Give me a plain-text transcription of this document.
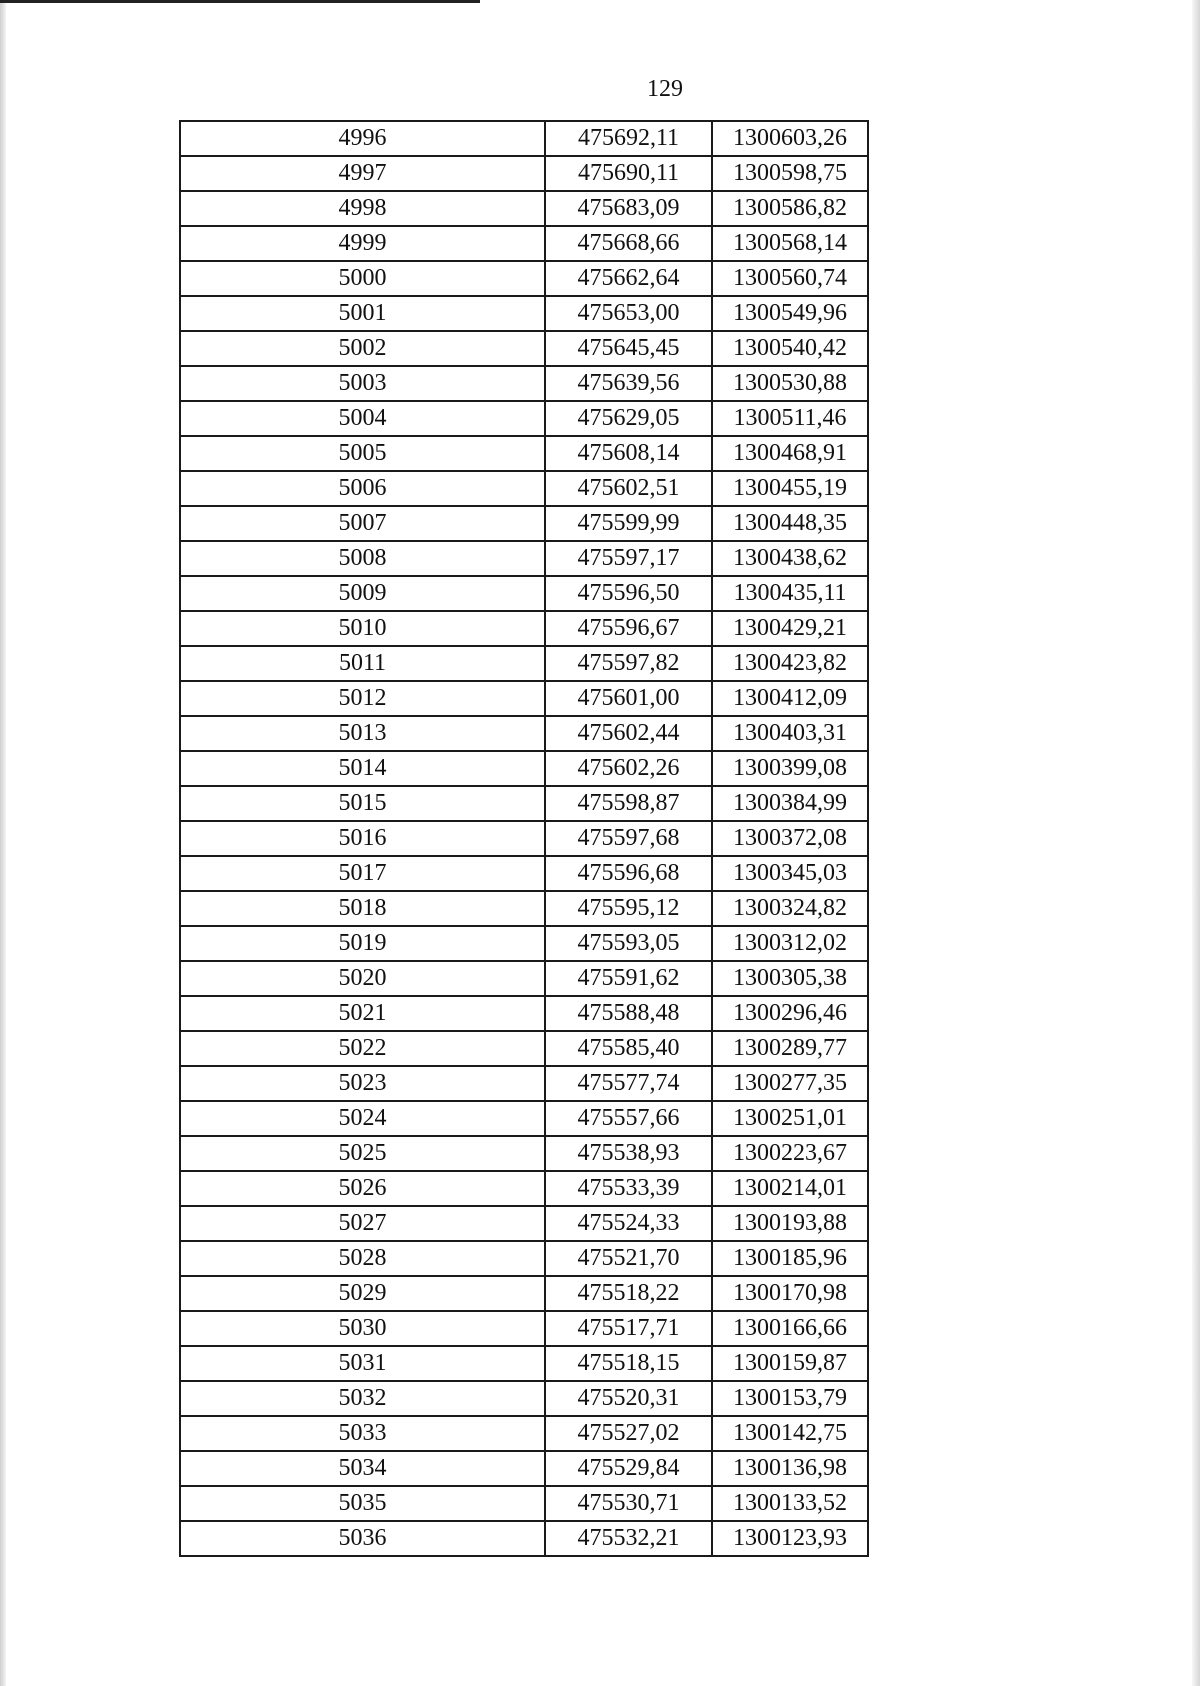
129
4996	475692,11	1300603,26
4997	475690,11	1300598,75
4998	475683,09	1300586,82
4999	475668,66	1300568,14
5000	475662,64	1300560,74
5001	475653,00	1300549,96
5002	475645,45	1300540,42
5003	475639,56	1300530,88
5004	475629,05	1300511,46
5005	475608,14	1300468,91
5006	475602,51	1300455,19
5007	475599,99	1300448,35
5008	475597,17	1300438,62
5009	475596,50	1300435,11
5010	475596,67	1300429,21
5011	475597,82	1300423,82
5012	475601,00	1300412,09
5013	475602,44	1300403,31
5014	475602,26	1300399,08
5015	475598,87	1300384,99
5016	475597,68	1300372,08
5017	475596,68	1300345,03
5018	475595,12	1300324,82
5019	475593,05	1300312,02
5020	475591,62	1300305,38
5021	475588,48	1300296,46
5022	475585,40	1300289,77
5023	475577,74	1300277,35
5024	475557,66	1300251,01
5025	475538,93	1300223,67
5026	475533,39	1300214,01
5027	475524,33	1300193,88
5028	475521,70	1300185,96
5029	475518,22	1300170,98
5030	475517,71	1300166,66
5031	475518,15	1300159,87
5032	475520,31	1300153,79
5033	475527,02	1300142,75
5034	475529,84	1300136,98
5035	475530,71	1300133,52
5036	475532,21	1300123,93
